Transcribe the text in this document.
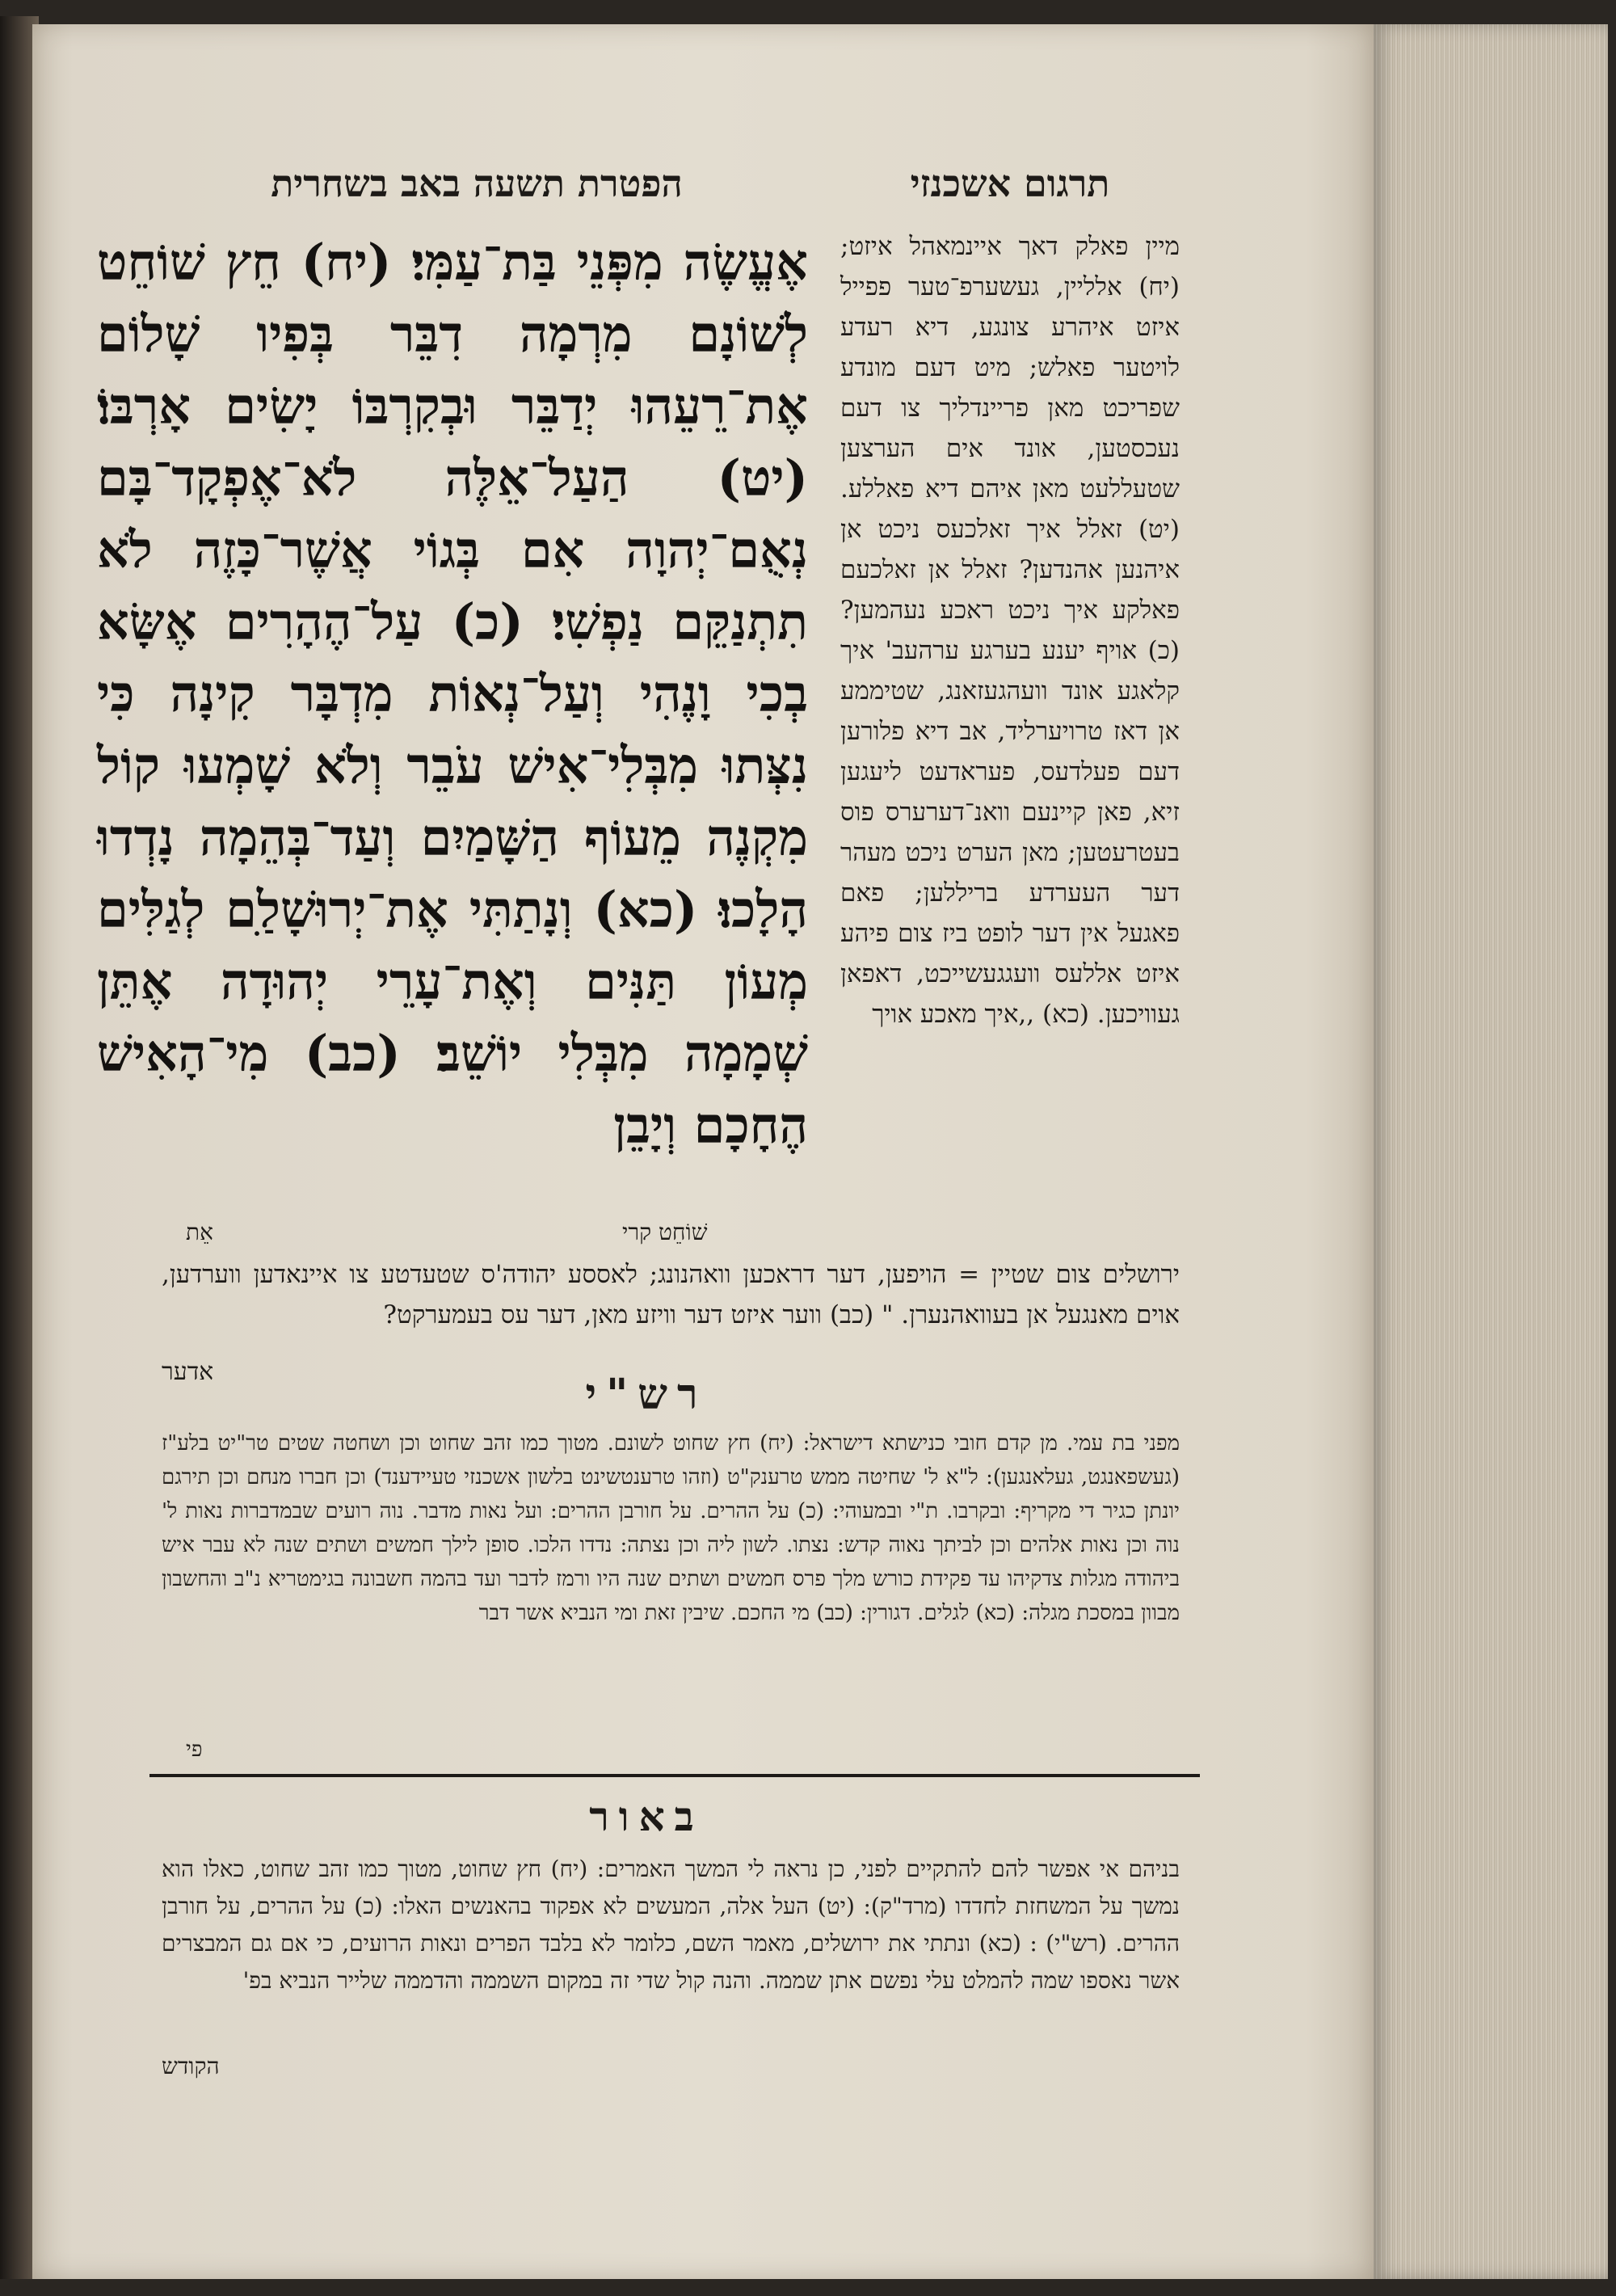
הפטרת תשעה באב בשחרית	תרגום אשכנזי
אֶעֱשֶׂה מִפְּנֵי בַּת־עַמִּי׃ (יח) חֵץ שׁוֹחֵט לְשׁוֹנָם מִרְמָה דִבֵּר בְּפִיו שָׁלוֹם אֶת־רֵעֵהוּ יְדַבֵּר וּבְקִרְבּוֹ יָשִׂים אָרְבּוֹ׃ (יט) הַעַל־אֵלֶּה לֹא־אֶפְקָד־בָּם נְאֻם־יְהוָה אִם בְּגוֹי אֲשֶׁר־כָּזֶה לֹא תִתְנַקֵּם נַפְשִׁי׃ (כ) עַל־הֶהָרִים אֶשָּׂא בְכִי וָנֶהִי וְעַל־נְאוֹת מִדְבָּר קִינָה כִּי נִצְּתוּ מִבְּלִי־אִישׁ עֹבֵר וְלֹא שָׁמְעוּ קוֹל מִקְנֶה מֵעוֹף הַשָּׁמַיִם וְעַד־בְּהֵמָה נָדְדוּ הָלָכוּ׃ (כא) וְנָתַתִּי אֶת־יְרוּשָׁלַ‍ִם לְגַלִּים מְעוֹן תַּנִּים וְאֶת־עָרֵי יְהוּדָה אֶתֵּן שְׁמָמָה מִבְּלִי יוֹשֵׁב׃ (כב) מִי־הָאִישׁ הֶחָכָם וְיָבֵן
מיין פאלק דאך איינמאהל איזט; (יח) אלליין, געשערפ־טער פפייל איזט איהרע צונגע, דיא רעדע לויטער פאלש; מיט דעם מונדע שפריכט מאן פריינדליך צו דעם נעכסטען, אונד אים הערצען שטעללעט מאן איהם דיא פאללע. (יט) זאלל איך זאלכעס ניכט אן איהנען אהנדען? זאלל אן זאלכעם פאלקע איך ניכט ראכע נעהמען? (כ) אויף יענע בערגע ערהעב' איך קלאגע אונד וועהגעזאנג, שטיממע אן דאז טרויערליד, אב דיא פלורען דעם פעלדעס, פעראדעט ליעגען זיא, פאן קיינעם וואנ־דערערס פוס בעטרעטען; מאן הערט ניכט מעהר דער העערדע בריללען; פאם פאגעל אין דער לופט ביז צום פיהע איזט אללעס וועגגעשייכט, דאפאן געוויכען. (כא) ,,איך מאכע אויך
אֵת	שׁוֹחֵט קרי
ירושלים צום שטיין = הויפען, דער דראכען וואהנונג; לאססע יהודה'ס שטעדטע צו איינאדען ווערדען, אוים מאנגעל אן בעוואהנערן. " (כב) ווער איזט דער וויזע מאן, דער עס בעמערקט?
אדער	רש"י
מפני בת עמי. מן קדם חובי כנישתא דישראל: (יח) חץ שחוט לשונם. מטוך כמו זהב שחוט וכן ושחטה שטים טר"יט בלע"ז (געשפאנגט, געלאנגען): ל"א ל' שחיטה ממש טרענק"ט (וזהו טרענטשינט בלשון אשכנזי טעיידענד) וכן חברו מנחם וכן תירגם יונתן כגיר די מקריף: ובקרבו. ת"י ובמעוהי: (כ) על ההרים. על חורבן ההרים: ועל נאות מדבר. נוה רועים שבמדברות נאות ל' נוה וכן נאות אלהים וכן לביתך נאוה קדש: נצתו. לשון ליה וכן נצתה: נדדו הלכו. סופן לילך חמשים ושתים שנה לא עבר איש ביהודה מגלות צדקיהו עד פקידת כורש מלך פרס חמשים ושתים שנה היו ורמז לדבר ועד בהמה חשבונה בגימטריא נ"ב והחשבון מבוון במסכת מגלה: (כא) לגלים. דגורין: (כב) מי החכם. שיבין זאת ומי הנביא אשר דבר
פי
באור
בניהם אי אפשר להם להתקיים לפני, כן נראה לי המשך האמרים: (יח) חץ שחוט, מטוך כמו זהב שחוט, כאלו הוא נמשך על המשחזת לחדדו (מרד"ק): (יט) העל אלה, המעשים לא אפקוד בהאנשים האלו: (כ) על ההרים, על חורבן ההרים. (רש"י) : (כא) ונתתי את ירושלים, מאמר השם, כלומר לא בלבד הפרים ונאות הרועים, כי אם גם המבצרים אשר נאספו שמה להמלט עלי נפשם אתן שממה. והנה קול שדי זה במקום השממה והדממה שלייר הנביא בפ'
הקודש
